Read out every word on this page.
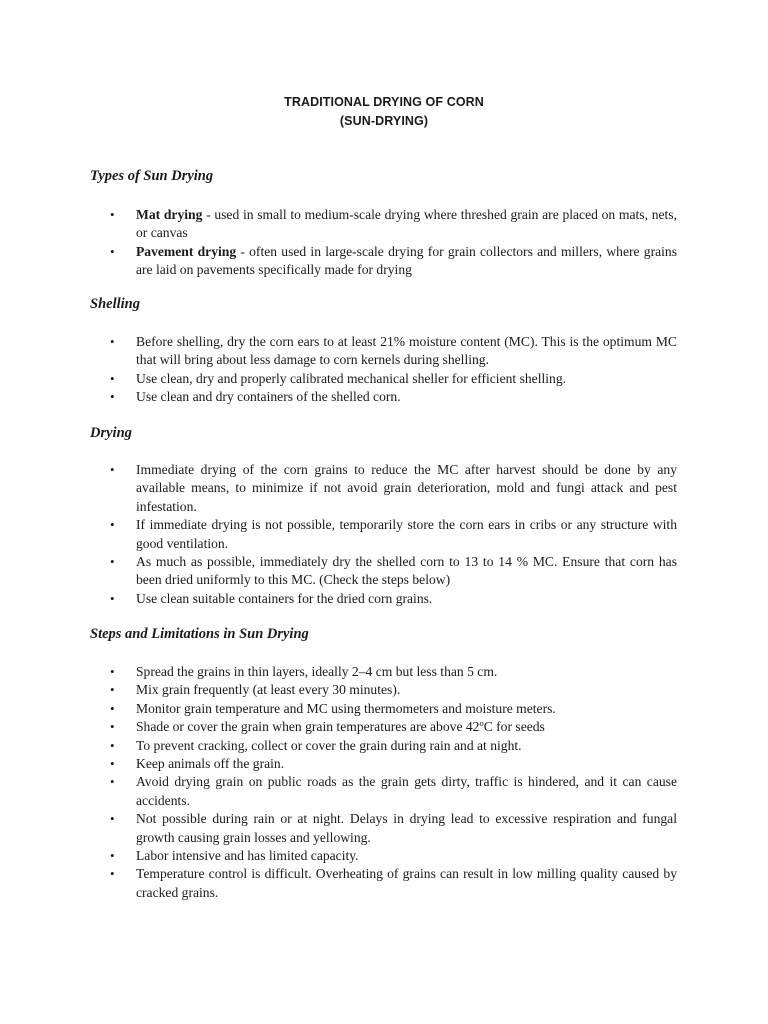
TRADITIONAL DRYING OF CORN
(SUN-DRYING)
Types of Sun Drying
• Mat drying - used in small to medium-scale drying where threshed grain are placed on mats, nets, or canvas
• Pavement drying - often used in large-scale drying for grain collectors and millers, where grains are laid on pavements specifically made for drying
Shelling
• Before shelling, dry the corn ears to at least 21% moisture content (MC). This is the optimum MC that will bring about less damage to corn kernels during shelling.
• Use clean, dry and properly calibrated mechanical sheller for efficient shelling.
• Use clean and dry containers of the shelled corn.
Drying
• Immediate drying of the corn grains to reduce the MC after harvest should be done by any available means, to minimize if not avoid grain deterioration, mold and fungi attack and pest infestation.
• If immediate drying is not possible, temporarily store the corn ears in cribs or any structure with good ventilation.
• As much as possible, immediately dry the shelled corn to 13 to 14 % MC. Ensure that corn has been dried uniformly to this MC. (Check the steps below)
• Use clean suitable containers for the dried corn grains.
Steps and Limitations in Sun Drying
• Spread the grains in thin layers, ideally 2–4 cm but less than 5 cm.
• Mix grain frequently (at least every 30 minutes).
• Monitor grain temperature and MC using thermometers and moisture meters.
• Shade or cover the grain when grain temperatures are above 42ºC for seeds
• To prevent cracking, collect or cover the grain during rain and at night.
• Keep animals off the grain.
• Avoid drying grain on public roads as the grain gets dirty, traffic is hindered, and it can cause accidents.
• Not possible during rain or at night. Delays in drying lead to excessive respiration and fungal growth causing grain losses and yellowing.
• Labor intensive and has limited capacity.
• Temperature control is difficult. Overheating of grains can result in low milling quality caused by cracked grains.
